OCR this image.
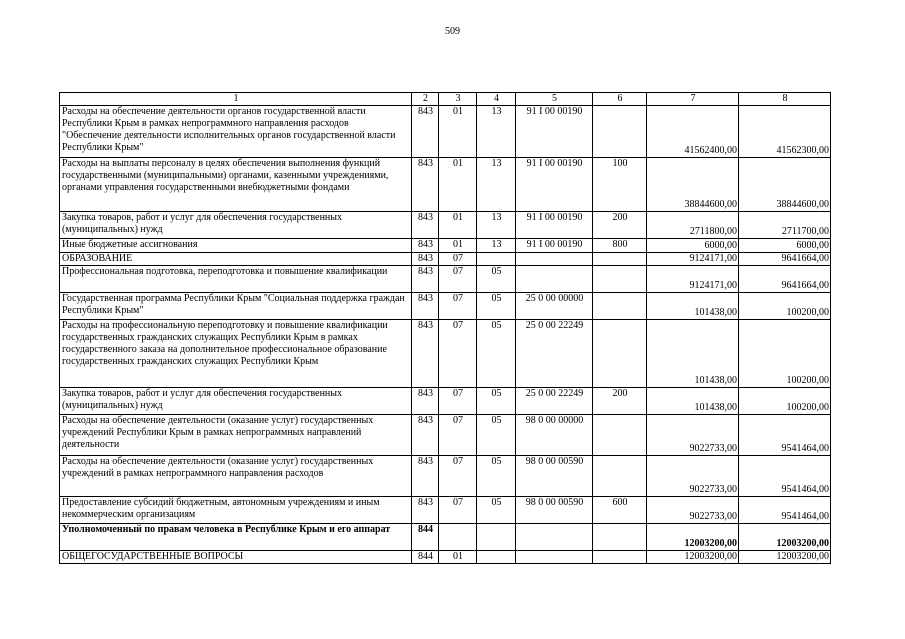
509
1	2	3	4	5	6	7	8
Расходы на обеспечение деятельности органов государственной власти Республики Крым в рамках непрограммного направления расходов "Обеспечение деятельности исполнительных органов государственной власти Республики Крым"	843	01	13	91 I 00 00190		41562400,00	41562300,00
Расходы на выплаты персоналу в целях обеспечения выполнения функций государственными (муниципальными) органами, казенными учреждениями, органами управления государственными внебюджетными фондами	843	01	13	91 I 00 00190	100	38844600,00	38844600,00
Закупка товаров, работ и услуг для обеспечения государственных (муниципальных) нужд	843	01	13	91 I 00 00190	200	2711800,00	2711700,00
Иные бюджетные ассигнования	843	01	13	91 I 00 00190	800	6000,00	6000,00
ОБРАЗОВАНИЕ	843	07				9124171,00	9641664,00
Профессиональная подготовка, переподготовка и повышение квалификации	843	07	05			9124171,00	9641664,00
Государственная программа Республики Крым "Социальная поддержка граждан Республики Крым"	843	07	05	25 0 00 00000		101438,00	100200,00
Расходы на профессиональную переподготовку и повышение квалификации государственных гражданских служащих Республики Крым в рамках государственного заказа на дополнительное профессиональное образование государственных гражданских служащих Республики Крым	843	07	05	25 0 00 22249		101438,00	100200,00
Закупка товаров, работ и услуг для обеспечения государственных (муниципальных) нужд	843	07	05	25 0 00 22249	200	101438,00	100200,00
Расходы на обеспечение деятельности (оказание услуг) государственных учреждений Республики Крым в рамках непрограммных направлений деятельности	843	07	05	98 0 00 00000		9022733,00	9541464,00
Расходы на обеспечение деятельности (оказание услуг) государственных учреждений в рамках непрограммного направления расходов	843	07	05	98 0 00 00590		9022733,00	9541464,00
Предоставление субсидий бюджетным, автономным учреждениям и иным некоммерческим организациям	843	07	05	98 0 00 00590	600	9022733,00	9541464,00
Уполномоченный по правам человека в Республике Крым и его аппарат	844					12003200,00	12003200,00
ОБЩЕГОСУДАРСТВЕННЫЕ ВОПРОСЫ	844	01				12003200,00	12003200,00
